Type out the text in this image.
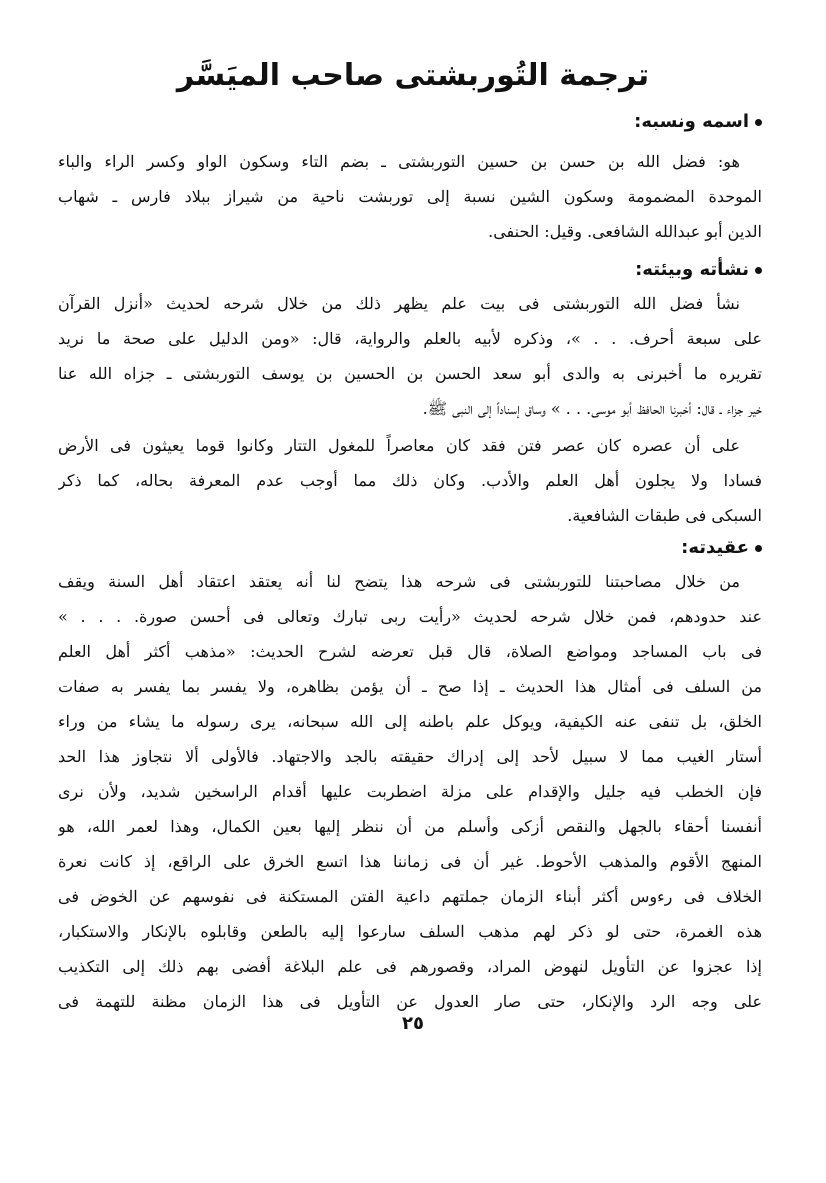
ترجمة التُوربشتى صاحب الميَسَّر
اسمه ونسبه:
هو: فضل الله بن حسن بن حسين التوربشتى ـ بضم التاء وسكون الواو وكسر الراء والباء
الموحدة المضمومة وسكون الشين نسبة إلى توربشت ناحية من شيراز ببلاد فارس ـ شهاب
الدين أبو عبدالله الشافعى. وقيل: الحنفى.
نشأته وبيئته:
نشأ فضل الله التوربشتى فى بيت علم يظهر ذلك من خلال شرحه لحديث «أنزل القرآن
على سبعة أحرف. . . »، وذكره لأبيه بالعلم والرواية، قال: «ومن الدليل على صحة ما نريد
تقريره ما أخبرنى به والدى أبو سعد الحسن بن الحسين بن يوسف التوربشتى ـ جزاه الله عنا
خير جزاء ـ قال: أخبرنا الحافظ أبو موسى. . . » وساق إسناداً إلى النبى ﷺ.
على أن عصره كان عصر فتن فقد كان معاصراً للمغول التتار وكانوا قوما يعيثون فى الأرض
فسادا ولا يجلون أهل العلم والأدب. وكان ذلك مما أوجب عدم المعرفة بحاله، كما ذكر
السبكى فى طبقات الشافعية.
عقيدته:
من خلال مصاحبتنا للتوربشتى فى شرحه هذا يتضح لنا أنه يعتقد اعتقاد أهل السنة ويقف
عند حدودهم، فمن خلال شرحه لحديث «رأيت ربى تبارك وتعالى فى أحسن صورة. . . . »
فى باب المساجد ومواضع الصلاة، قال قبل تعرضه لشرح الحديث: «مذهب أكثر أهل العلم
من السلف فى أمثال هذا الحديث ـ إذا صح ـ أن يؤمن بظاهره، ولا يفسر بما يفسر به صفات
الخلق، بل تنفى عنه الكيفية، ويوكل علم باطنه إلى الله سبحانه، يرى رسوله ما يشاء من وراء
أستار الغيب مما لا سبيل لأحد إلى إدراك حقيقته بالجد والاجتهاد. فالأولى ألا نتجاوز هذا الحد
فإن الخطب فيه جليل والإقدام على مزلة اضطربت عليها أقدام الراسخين شديد، ولأن نرى
أنفسنا أحقاء بالجهل والنقص أزكى وأسلم من أن ننظر إليها بعين الكمال، وهذا لعمر الله، هو
المنهج الأقوم والمذهب الأحوط. غير أن فى زماننا هذا اتسع الخرق على الراقع، إذ كانت نعرة
الخلاف فى رءوس أكثر أبناء الزمان جملتهم داعية الفتن المستكنة فى نفوسهم عن الخوض فى
هذه الغمرة، حتى لو ذكر لهم مذهب السلف سارعوا إليه بالطعن وقابلوه بالإنكار والاستكبار،
إذا عجزوا عن التأويل لنهوض المراد، وقصورهم فى علم البلاغة أفضى بهم ذلك إلى التكذيب
على وجه الرد والإنكار، حتى صار العدول عن التأويل فى هذا الزمان مظنة للتهمة فى
٢٥
